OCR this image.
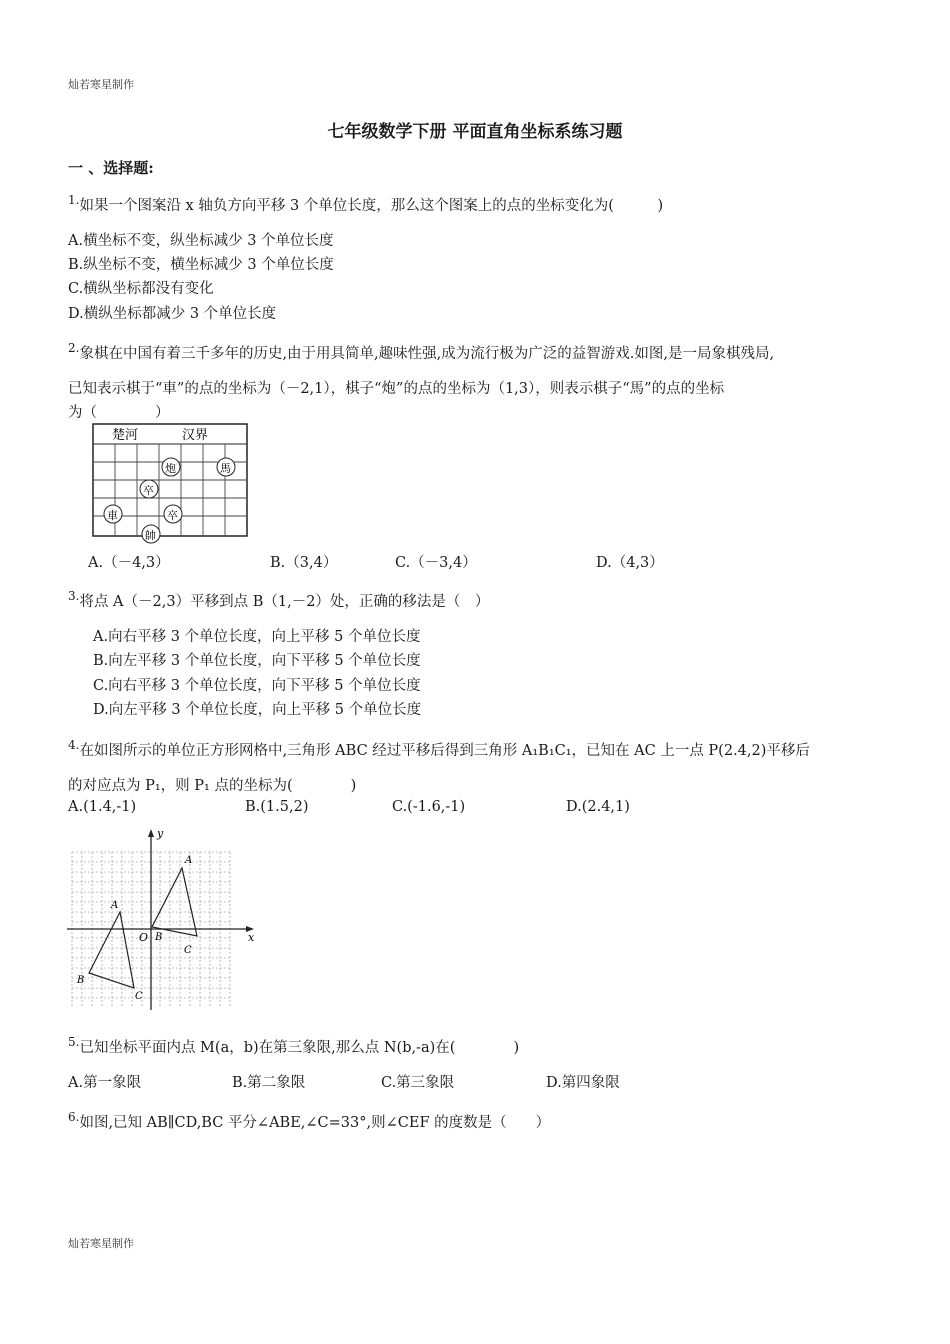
灿若寒星制作
七年级数学下册 平面直角坐标系练习题
一 、选择题:
$^{1.}$如果一个图案沿 x 轴负方向平移 3 个单位长度，那么这个图案上的点的坐标变化为(　　　)
A.横坐标不变，纵坐标减少 3 个单位长度
B.纵坐标不变，横坐标减少 3 个单位长度
C.横纵坐标都没有变化
D.横纵坐标都减少 3 个单位长度
$^{2.}$象棋在中国有着三千多年的历史,由于用具简单,趣味性强,成为流行极为广泛的益智游戏.如图,是一局象棋残局,
已知表示棋于“車”的点的坐标为（－2,1），棋子“炮”的点的坐标为（1,3），则表示棋子“馬”的点的坐标
为（　　　　）
楚河	汉界
炮	馬
卒
車	卒
帥
A.（－4,3）	B.（3,4）	C.（－3,4）	D.（4,3）
$^{3.}$将点 A（－2,3）平移到点 B（1,－2）处，正确的移法是（　）
A.向右平移 3 个单位长度，向上平移 5 个单位长度
B.向左平移 3 个单位长度，向下平移 5 个单位长度
C.向右平移 3 个单位长度，向下平移 5 个单位长度
D.向左平移 3 个单位长度，向上平移 5 个单位长度
$^{4.}$在如图所示的单位正方形网格中,三角形 ABC 经过平移后得到三角形 A₁B₁C₁，已知在 AC 上一点 P(2.4,2)平移后
的对应点为 P₁，则 P₁ 点的坐标为(　　　　)
A.(1.4,-1)	B.(1.5,2)	C.(-1.6,-1)	D.(2.4,1)
y
x
O
A
B
C
A
B
C
$^{5.}$已知坐标平面内点 M(a，b)在第三象限,那么点 N(b,-a)在(　　　　)
A.第一象限	B.第二象限	C.第三象限	D.第四象限
$^{6.}$如图,已知 AB∥CD,BC 平分∠ABE,∠C=33°,则∠CEF 的度数是（　　）
灿若寒星制作
